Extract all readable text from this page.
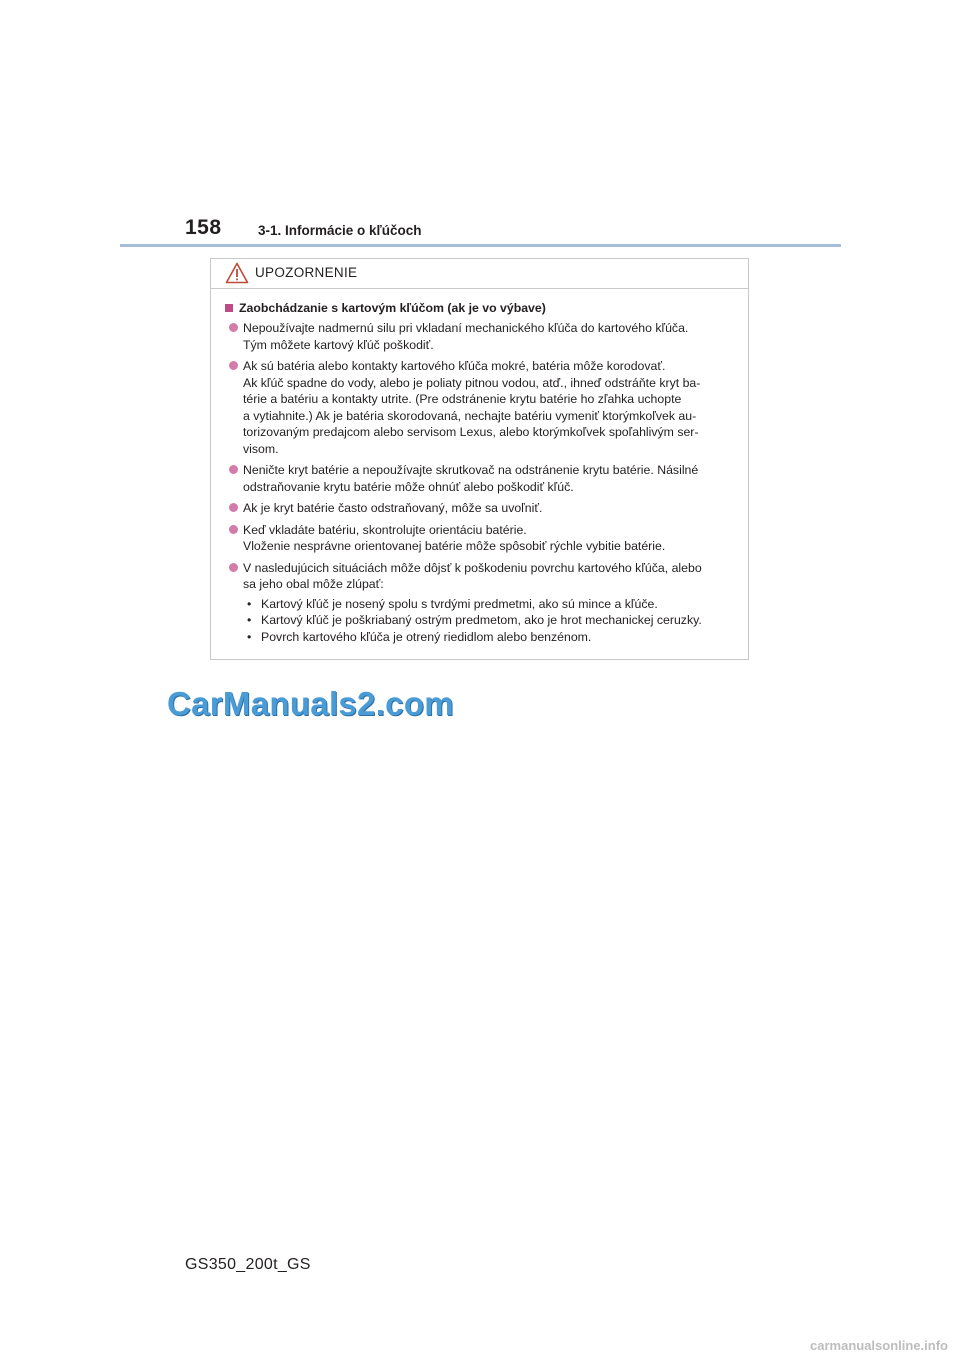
158	3-1. Informácie o kľúčoch
UPOZORNENIE
Zaobchádzanie s kartovým kľúčom (ak je vo výbave)
Nepoužívajte nadmernú silu pri vkladaní mechanického kľúča do kartového kľúča.
Tým môžete kartový kľúč poškodiť.
Ak sú batéria alebo kontakty kartového kľúča mokré, batéria môže korodovať.
Ak kľúč spadne do vody, alebo je poliaty pitnou vodou, atď., ihneď odstráňte kryt ba-
térie a batériu a kontakty utrite. (Pre odstránenie krytu batérie ho zľahka uchopte
a vytiahnite.) Ak je batéria skorodovaná, nechajte batériu vymeniť ktorýmkoľvek au-
torizovaným predajcom alebo servisom Lexus, alebo ktorýmkoľvek spoľahlivým ser-
visom.
Neničte kryt batérie a nepoužívajte skrutkovač na odstránenie krytu batérie. Násilné
odstraňovanie krytu batérie môže ohnúť alebo poškodiť kľúč.
Ak je kryt batérie často odstraňovaný, môže sa uvoľniť.
Keď vkladáte batériu, skontrolujte orientáciu batérie.
Vloženie nesprávne orientovanej batérie môže spôsobiť rýchle vybitie batérie.
V nasledujúcich situáciách môže dôjsť k poškodeniu povrchu kartového kľúča, alebo
sa jeho obal môže zlúpať:
• Kartový kľúč je nosený spolu s tvrdými predmetmi, ako sú mince a kľúče.
• Kartový kľúč je poškriabaný ostrým predmetom, ako je hrot mechanickej ceruzky.
• Povrch kartového kľúča je otrený riedidlom alebo benzénom.
CarManuals2.com
GS350_200t_GS
carmanualsonline.info
